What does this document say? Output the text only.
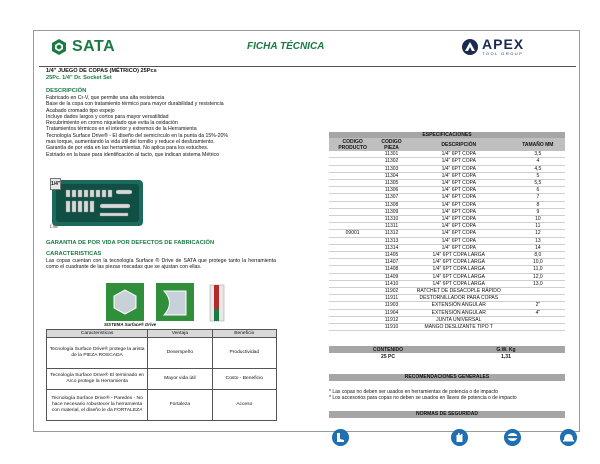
SATA	FICHA TÉCNICA	APEX
TOOL GROUP
1/4" JUEGO DE COPAS (MÉTRICO) 25Pcs
25Pc. 1/4" Dr. Socket Set
DESCRIPCIÓN

Fabricado en Cr-V, que permite una alta resistencia

Base de la copa con tratamiento térmico para mayor durabilidad y resistencia

Acabado cromado tipo espejo

Incluye dados largos y cortos para mayor versatilidad

Recubrimiento en cromo niquelado que evita la oxidación

Tratamientos térmicos en el interior y extremos de la Herramienta

Tecnología Surface Drive® - El diseño del semicírculo en la punta da 15%-20%

mas torque, aumentando la vida útil del tornillo y reduce el deslizamiento.

Garantía de por vida en las herramientas. No aplica para los estuches.

Estriado en la base para identificación al tacto, que indican sistema Métrico

1/4"
Life
GARANTIA DE POR VIDA POR DEFECTOS DE FABRICACIÓN
CARACTERISTICAS
Las copas cuentan con la tecnología Surface ® Drive de SATA que protege tanto la herramienta como el cuadrante de las piezas roscadas que se ajustan con ellas.
SISTEMA Surface® Drive
Caracteristicas	Ventaja	Beneficio
Tecnología Surface Drive® protege la arista de la PIEZA ROSCADA	Desempeño	Productividad
Tecnología Surface Drive® El terminado en Arco protege la Herramienta	Mayor vida útil	Costo - Beneficio
Tecnología Surface Drive® - Paredes - No hace necesario robustecer la herramienta con material, el diseño le da FORTALEZA	Fortaleza	Acceso
ESPECIFICACIONES			
CODIGO PRODUCTO	CODIGO PIEZA	DESCRIPCIÓN	TAMAÑO MM
	11301	1/4" 6PT COPA	3,5
	11302	1/4" 6PT COPA	4
	11303	1/4" 6PT COPA	4,5
	11304	1/4" 6PT COPA	5
	11305	1/4" 6PT COPA	5,5
	11306	1/4" 6PT COPA	6
	11307	1/4" 6PT COPA	7
	11308	1/4" 6PT COPA	8
	11309	1/4" 6PT COPA	9
	11310	1/4" 6PT COPA	10
	11311	1/4" 6PT COPA	11
09001	11312	1/4" 6PT COPA	12
	11313	1/4" 6PT COPA	13
	11314	1/4" 6PT COPA	14
	11405	1/4" 6PT COPA LARGA	8,0
	11407	1/4" 6PT COPA LARGA	10,0
	11408	1/4" 6PT COPA LARGA	11,0
	11409	1/4" 6PT COPA LARGA	12,0
	11410	1/4" 6PT COPA LARGA	13,0
	11902	RATCHET DE DESACOPLE RÁPIDO	
	11911	DESTORNILLADOR PARA COPAS	
	11903	EXTENSIÓN ANGULAR	2"
	11904	EXTENSIÓN ANGULAR	4"
	11912	JUNTA UNIVERSAL	
	11910	MANGO DESLIZANTE TIPO T	
CONTENIDO	G.W. Kg
25 PC	1,31
RECOMENDACIONES GENERALES
* Las copas no deben ser usados en herramientas de potencia o de impacto
* Los accesorios para copas no deben se usados en llaves de potencia o de impacto
NORMAS DE SEGURIDAD
